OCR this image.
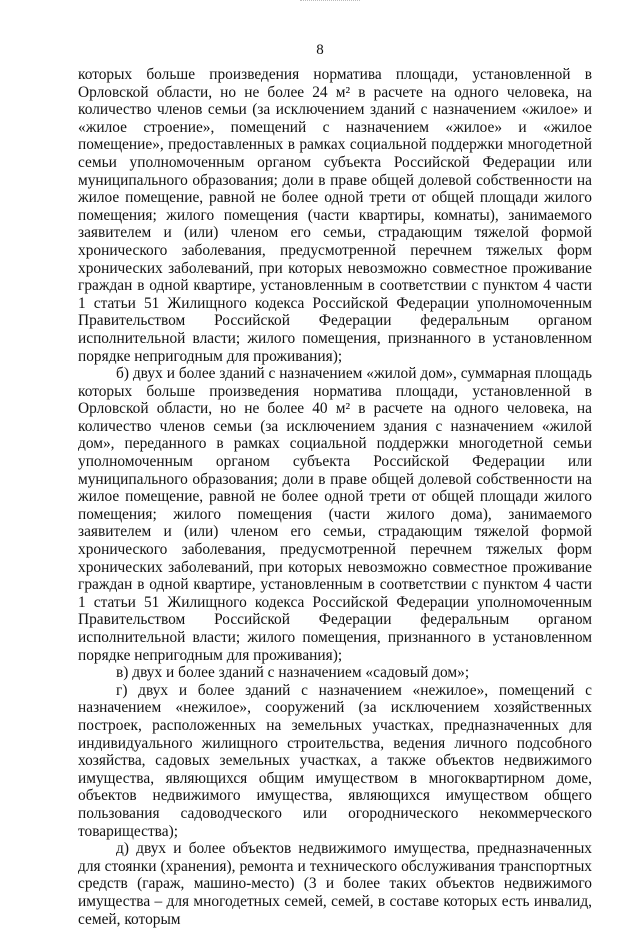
8

которых больше произведения норматива площади, установленной в Орловской области, но не более 24 м² в расчете на одного человека, на количество членов семьи (за исключением зданий с назначением «жилое» и «жилое строение», помещений с назначением «жилое» и «жилое помещение», предоставленных в рамках социальной поддержки многодетной семьи уполномоченным органом субъекта Российской Федерации или муниципального образования; доли в праве общей долевой собственности на жилое помещение, равной не более одной трети от общей площади жилого помещения; жилого помещения (части квартиры, комнаты), занимаемого заявителем и (или) членом его семьи, страдающим тяжелой формой хронического заболевания, предусмотренной перечнем тяжелых форм хронических заболеваний, при которых невозможно совместное проживание граждан в одной квартире, установленным в соответствии с пунктом 4 части 1 статьи 51 Жилищного кодекса Российской Федерации уполномоченным Правительством Российской Федерации федеральным органом исполнительной власти; жилого помещения, признанного в установленном порядке непригодным для проживания);

б) двух и более зданий с назначением «жилой дом», суммарная площадь которых больше произведения норматива площади, установленной в Орловской области, но не более 40 м² в расчете на одного человека, на количество членов семьи (за исключением здания с назначением «жилой дом», переданного в рамках социальной поддержки многодетной семьи уполномоченным органом субъекта Российской Федерации или муниципального образования; доли в праве общей долевой собственности на жилое помещение, равной не более одной трети от общей площади жилого помещения; жилого помещения (части жилого дома), занимаемого заявителем и (или) членом его семьи, страдающим тяжелой формой хронического заболевания, предусмотренной перечнем тяжелых форм хронических заболеваний, при которых невозможно совместное проживание граждан в одной квартире, установленным в соответствии с пунктом 4 части 1 статьи 51 Жилищного кодекса Российской Федерации уполномоченным Правительством Российской Федерации федеральным органом исполнительной власти; жилого помещения, признанного в установленном порядке непригодным для проживания);

в) двух и более зданий с назначением «садовый дом»;

г) двух и более зданий с назначением «нежилое», помещений с назначением «нежилое», сооружений (за исключением хозяйственных построек, расположенных на земельных участках, предназначенных для индивидуального жилищного строительства, ведения личного подсобного хозяйства, садовых земельных участках, а также объектов недвижимого имущества, являющихся общим имуществом в многоквартирном доме, объектов недвижимого имущества, являющихся имуществом общего пользования садоводческого или огороднического некоммерческого товарищества);

д) двух и более объектов недвижимого имущества, предназначенных для стоянки (хранения), ремонта и технического обслуживания транспортных средств (гараж, машино-место) (3 и более таких объектов недвижимого имущества – для многодетных семей, семей, в составе которых есть инвалид, семей, которым
